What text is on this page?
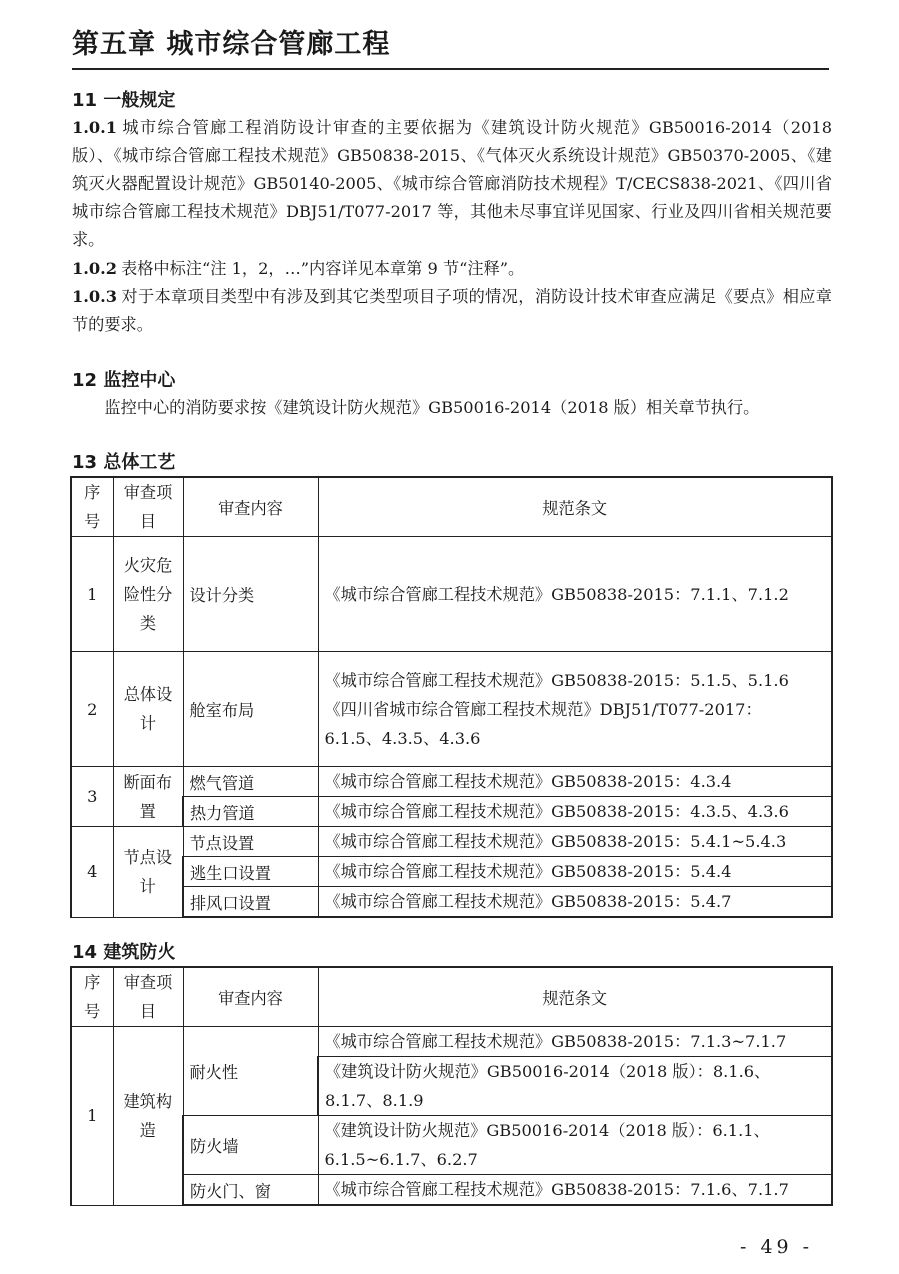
第五章 城市综合管廊工程
11 一般规定
1.0.1 城市综合管廊工程消防设计审查的主要依据为《建筑设计防火规范》GB50016-2014（2018 版）、《城市综合管廊工程技术规范》GB50838-2015、《气体灭火系统设计规范》GB50370-2005、《建筑灭火器配置设计规范》GB50140-2005、《城市综合管廊消防技术规程》T/CECS838-2021、《四川省城市综合管廊工程技术规范》DBJ51/T077-2017 等，其他未尽事宜详见国家、行业及四川省相关规范要求。
1.0.2 表格中标注“注 1，2，…”内容详见本章第 9 节“注释”。
1.0.3 对于本章项目类型中有涉及到其它类型项目子项的情况，消防设计技术审查应满足《要点》相应章节的要求。
12 监控中心
监控中心的消防要求按《建筑设计防火规范》GB50016-2014（2018 版）相关章节执行。
13 总体工艺
序号	审查项目	审查内容	规范条文
1	火灾危险性分类	设计分类	《城市综合管廊工程技术规范》GB50838-2015：7.1.1、7.1.2
2	总体设计	舱室布局	《城市综合管廊工程技术规范》GB50838-2015：5.1.5、5.1.6
《四川省城市综合管廊工程技术规范》DBJ51/T077-2017：
6.1.5、4.3.5、4.3.6

3	断面布置	燃气管道	《城市综合管廊工程技术规范》GB50838-2015：4.3.4
		热力管道	《城市综合管廊工程技术规范》GB50838-2015：4.3.5、4.3.6
4	节点设计	节点设置	《城市综合管廊工程技术规范》GB50838-2015：5.4.1~5.4.3
		逃生口设置	《城市综合管廊工程技术规范》GB50838-2015：5.4.4
		排风口设置	《城市综合管廊工程技术规范》GB50838-2015：5.4.7
14 建筑防火
序号	审查项目	审查内容	规范条文
1	建筑构造	耐火性	《城市综合管廊工程技术规范》GB50838-2015：7.1.3~7.1.7
			《建筑设计防火规范》GB50016-2014（2018 版）：8.1.6、8.1.7、8.1.9
		防火墙	《建筑设计防火规范》GB50016-2014（2018 版）：6.1.1、6.1.5~6.1.7、6.2.7
		防火门、窗	《城市综合管廊工程技术规范》GB50838-2015：7.1.6、7.1.7
- 49 -
